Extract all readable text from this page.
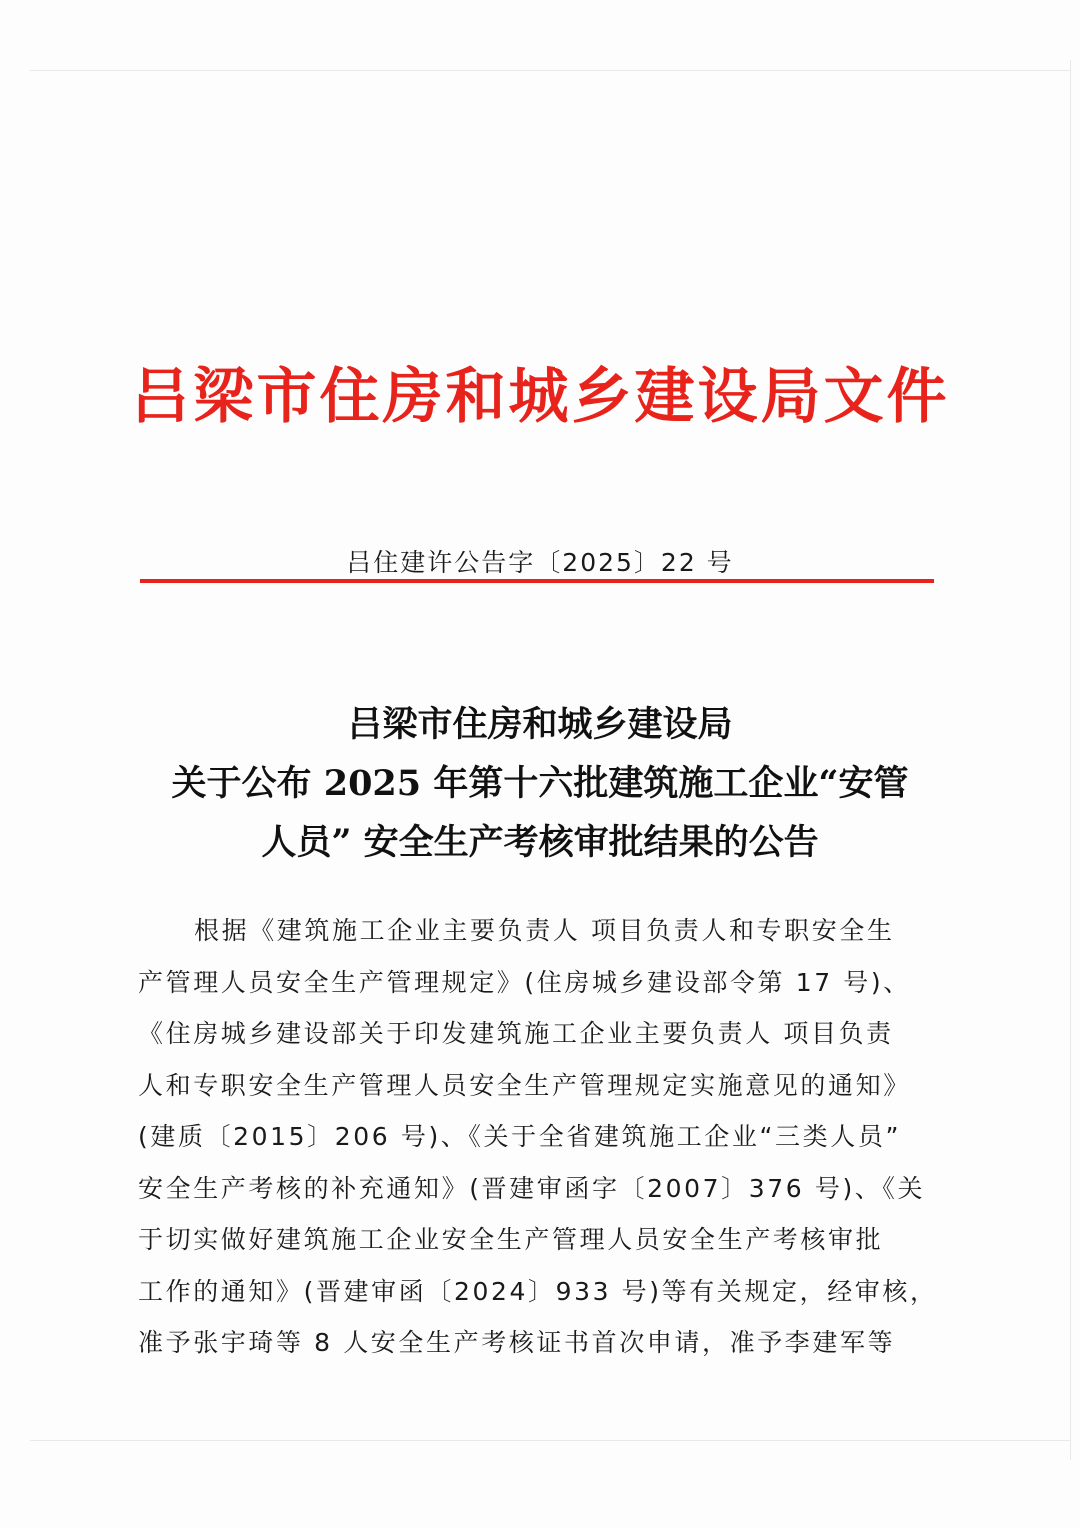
吕梁市住房和城乡建设局文件
吕住建许公告字〔2025〕22 号
吕梁市住房和城乡建设局
关于公布 2025 年第十六批建筑施工企业“安管
人员” 安全生产考核审批结果的公告
根据《建筑施工企业主要负责人 项目负责人和专职安全生
产管理人员安全生产管理规定》(住房城乡建设部令第 17 号)、
《住房城乡建设部关于印发建筑施工企业主要负责人 项目负责
人和专职安全生产管理人员安全生产管理规定实施意见的通知》
(建质〔2015〕206 号)、《关于全省建筑施工企业“三类人员”
安全生产考核的补充通知》(晋建审函字〔2007〕376 号)、《关
于切实做好建筑施工企业安全生产管理人员安全生产考核审批
工作的通知》(晋建审函〔2024〕933 号)等有关规定，经审核，
准予张宇琦等 8 人安全生产考核证书首次申请，准予李建军等
